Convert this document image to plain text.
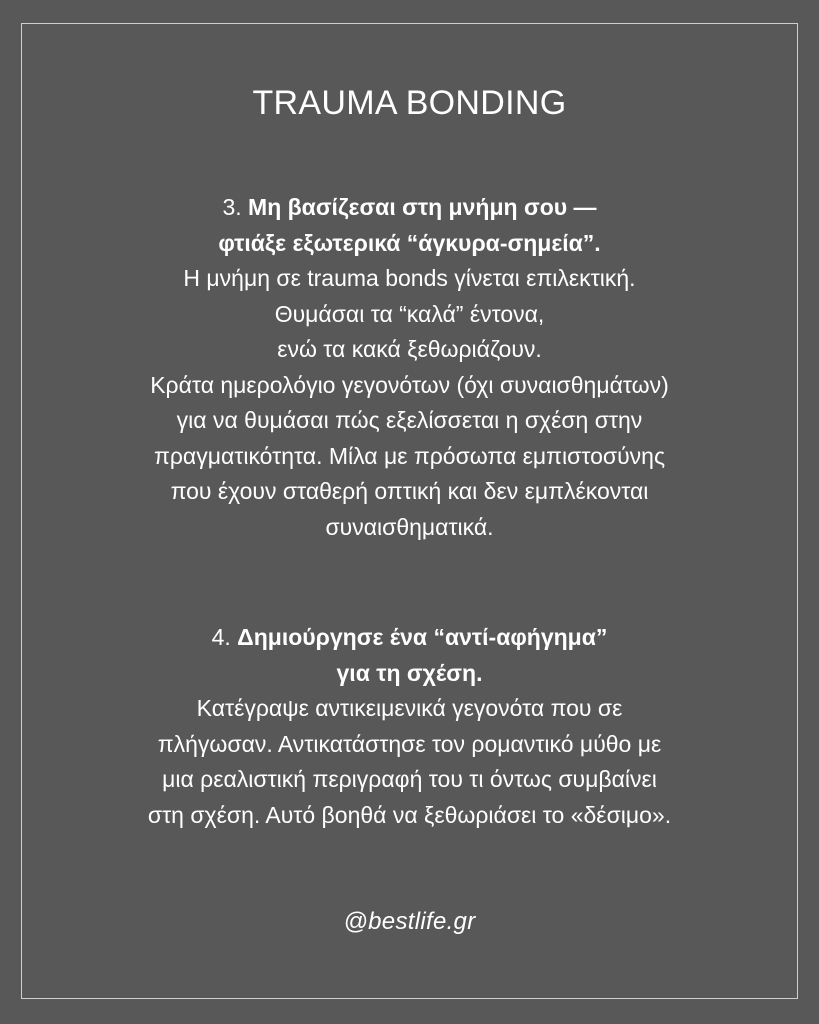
TRAUMA BONDING
3. Μη βασίζεσαι στη μνήμη σου —
φτιάξε εξωτερικά “άγκυρα-σημεία”.
Η μνήμη σε trauma bonds γίνεται επιλεκτική.
Θυμάσαι τα “καλά” έντονα,
ενώ τα κακά ξεθωριάζουν.
Κράτα ημερολόγιο γεγονότων (όχι συναισθημάτων)
για να θυμάσαι πώς εξελίσσεται η σχέση στην
πραγματικότητα. Μίλα με πρόσωπα εμπιστοσύνης
που έχουν σταθερή οπτική και δεν εμπλέκονται
συναισθηματικά.
4. Δημιούργησε ένα “αντί-αφήγημα”
για τη σχέση.
Κατέγραψε αντικειμενικά γεγονότα που σε
πλήγωσαν. Αντικατάστησε τον ρομαντικό μύθο με
μια ρεαλιστική περιγραφή του τι όντως συμβαίνει
στη σχέση. Αυτό βοηθά να ξεθωριάσει το «δέσιμο».
@bestlife.gr
